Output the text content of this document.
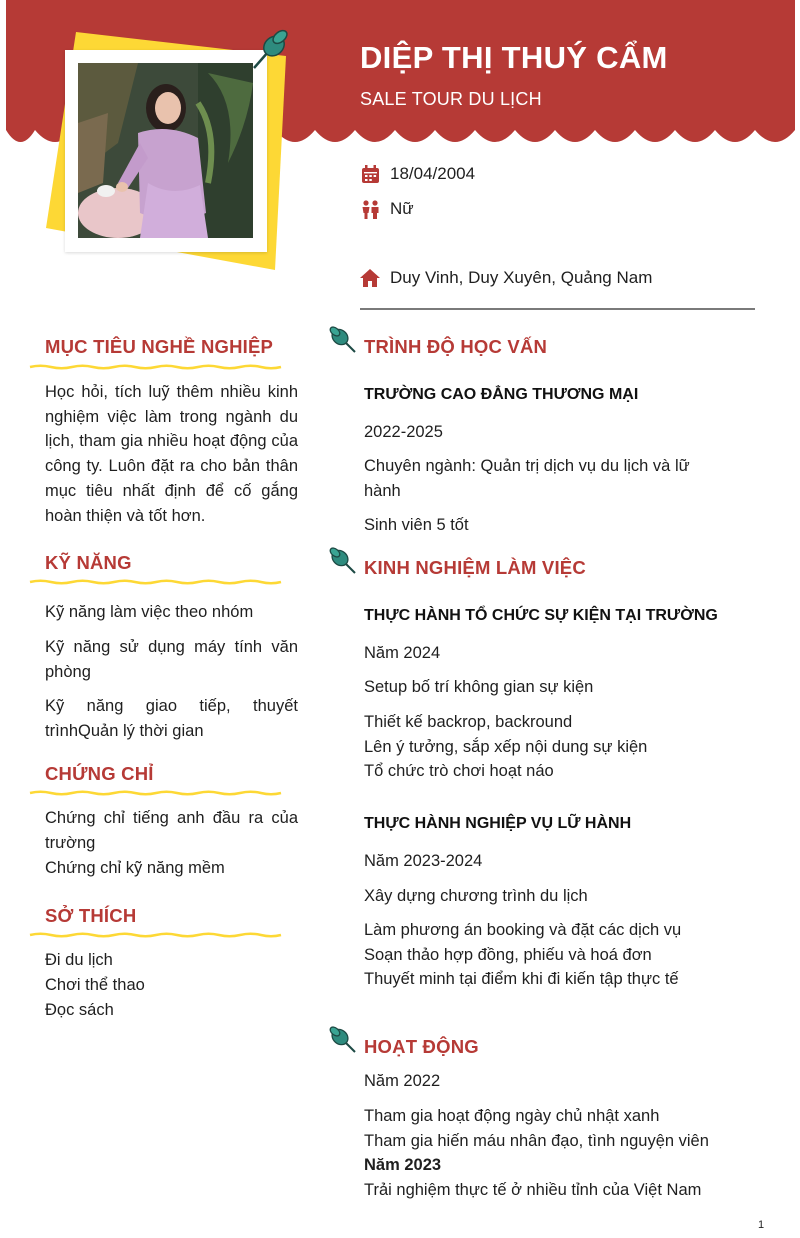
DIỆP THỊ THUÝ CẨM
SALE TOUR DU LỊCH
18/04/2004
Nữ
Duy Vinh, Duy Xuyên, Quảng Nam
MỤC TIÊU NGHỀ NGHIỆP
Học hỏi, tích luỹ thêm nhiều kinh nghiệm việc làm trong ngành du lịch, tham gia nhiều hoạt động của công ty. Luôn đặt ra cho bản thân mục tiêu nhất định để cố gắng hoàn thiện và tốt hơn.
KỸ NĂNG
Kỹ năng làm việc theo nhóm
Kỹ năng sử dụng máy tính văn phòng
Kỹ năng giao tiếp, thuyết trìnhQuản lý thời gian
CHỨNG CHỈ
Chứng chỉ tiếng anh đầu ra của trường
Chứng chỉ kỹ năng mềm
SỞ THÍCH
Đi du lịch
Chơi thể thao
Đọc sách
TRÌNH ĐỘ HỌC VẤN
TRƯỜNG CAO ĐẲNG THƯƠNG MẠI
2022-2025
Chuyên ngành: Quản trị dịch vụ du lịch và lữ hành
Sinh viên 5 tốt
KINH NGHIỆM LÀM VIỆC
THỰC HÀNH TỔ CHỨC SỰ KIỆN TẠI TRƯỜNG
Năm 2024
Setup bố trí không gian sự kiện
Thiết kế backrop, backround
Lên ý tưởng, sắp xếp nội dung sự kiện
Tổ chức trò chơi hoạt náo
THỰC HÀNH NGHIỆP VỤ LỮ HÀNH
Năm 2023-2024
Xây dựng chương trình du lịch
Làm phương án booking và đặt các dịch vụ
Soạn thảo hợp đồng, phiếu và hoá đơn
Thuyết minh tại điểm khi đi kiến tập thực tế
HOẠT ĐỘNG
Năm 2022
Tham gia hoạt động ngày chủ nhật xanh
Tham gia hiến máu nhân đạo, tình nguyện viên
Năm 2023
Trải nghiệm thực tế ở nhiều tỉnh của Việt Nam
1
